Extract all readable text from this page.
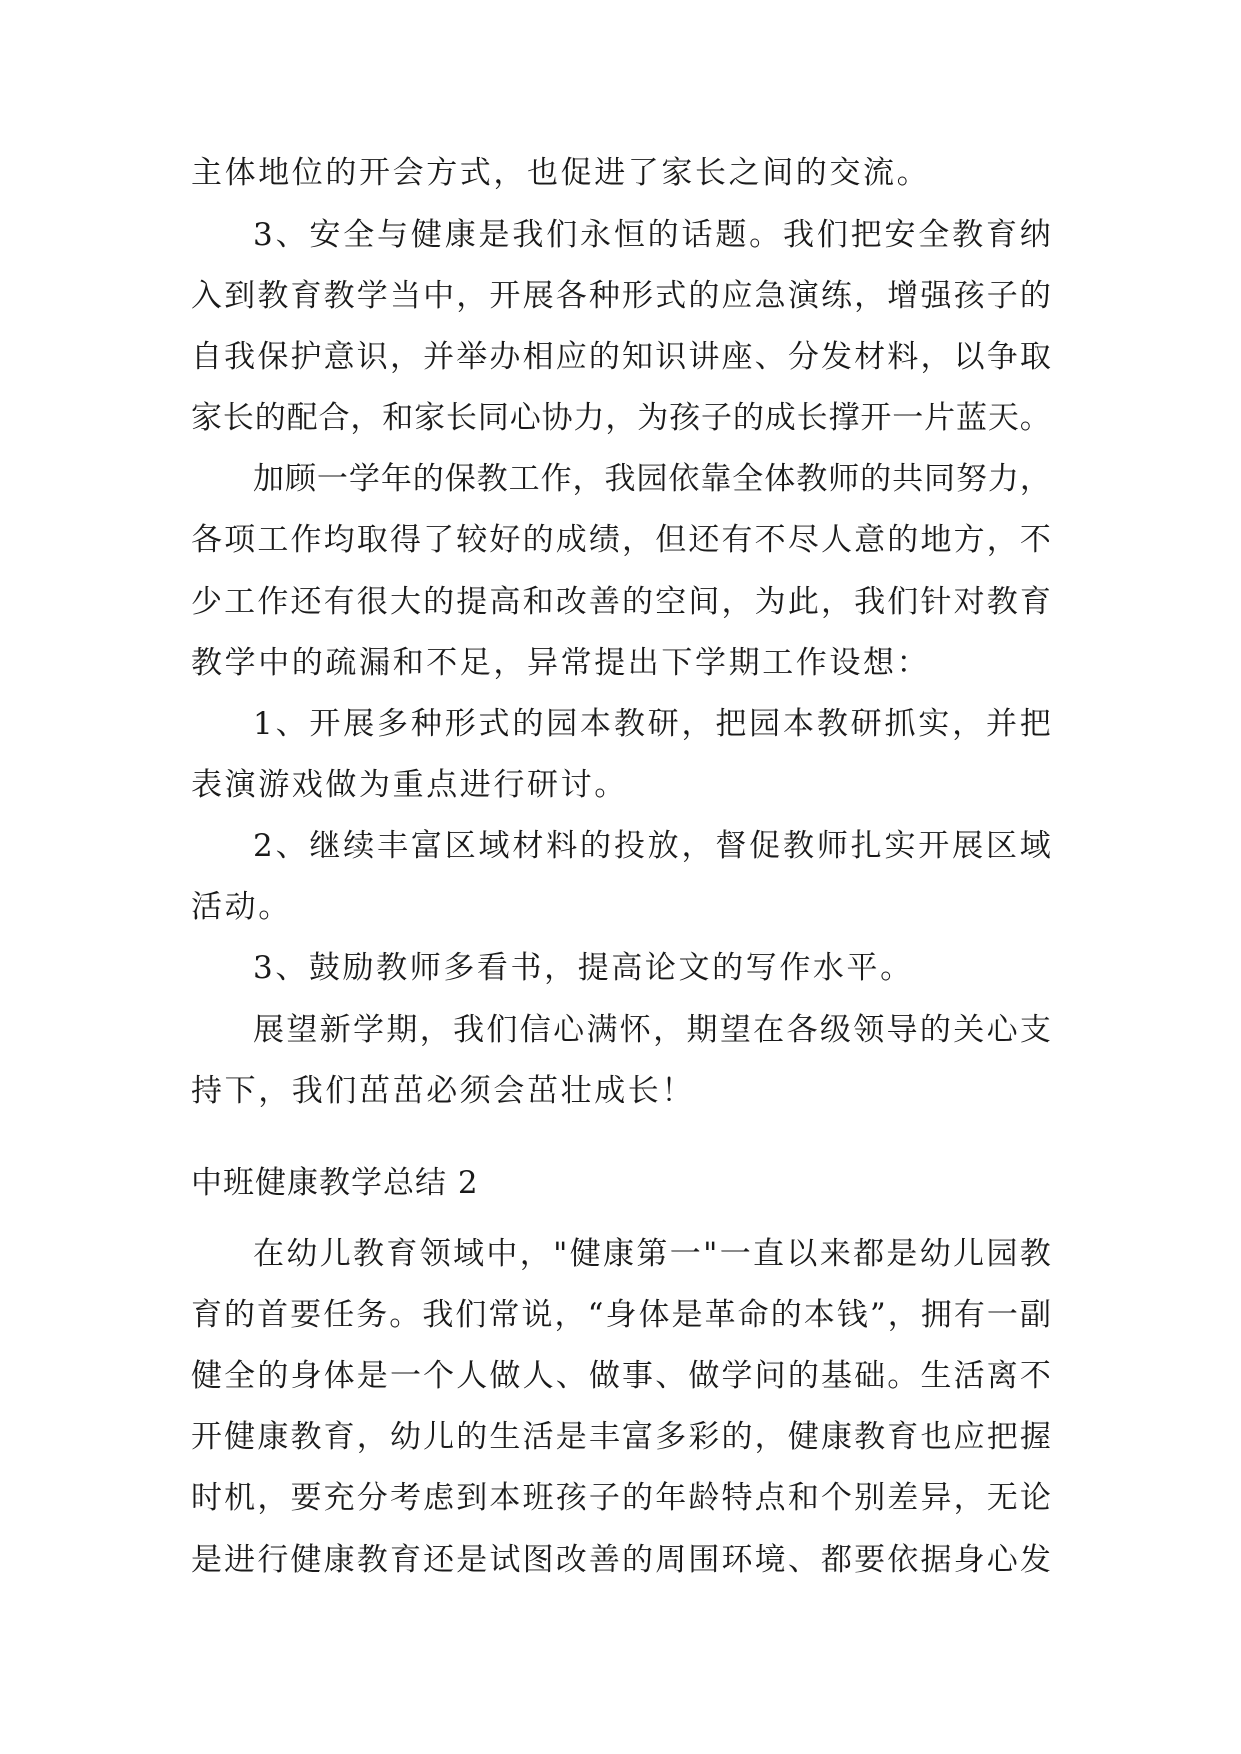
主体地位的开会方式，也促进了家长之间的交流。
3 、 安 全 与 健 康 是 我 们 永 恒 的 话 题 。 我 们 把 安 全 教 育 纳
入 到 教 育 教 学 当 中 ， 开 展 各 种 形 式 的 应 急 演 练 ， 增 强 孩 子 的
自 我 保 护 意 识 ， 并 举 办 相 应 的 知 识 讲 座 、 分 发 材 料 ， 以 争 取
家 长 的 配 合 ， 和 家 长 同 心 协 力 ， 为 孩 子 的 成 长 撑 开 一 片 蓝 天 。
加 顾 一 学 年 的 保 教 工 作 ， 我 园 依 靠 全 体 教 师 的 共 同 努 力 ，
各 项 工 作 均 取 得 了 较 好 的 成 绩 ， 但 还 有 不 尽 人 意 的 地 方 ， 不
少 工 作 还 有 很 大 的 提 高 和 改 善 的 空 间 ， 为 此 ， 我 们 针 对 教 育
教学中的疏漏和不足，异常提出下学期工作设想：
1 、 开 展 多 种 形 式 的 园 本 教 研 ， 把 园 本 教 研 抓 实 ， 并 把
表演游戏做为重点进行研讨。
2 、 继 续 丰 富 区 域 材 料 的 投 放 ， 督 促 教 师 扎 实 开 展 区 域
活动。
3、鼓励教师多看书，提高论文的写作水平。
展 望 新 学 期 ， 我 们 信 心 满 怀 ， 期 望 在 各 级 领 导 的 关 心 支
持下，我们茁茁必须会茁壮成长！
中班健康教学总结 2
在 幼 儿 教 育 领 域 中 ， " 健 康 第 一 " 一 直 以 来 都 是 幼 儿 园 教
育 的 首 要 任 务 。 我 们 常 说 ， “ 身 体 是 革 命 的 本 钱 ” ， 拥 有 一 副
健 全 的 身 体 是 一 个 人 做 人 、 做 事 、 做 学 问 的 基 础 。 生 活 离 不
开 健 康 教 育 ， 幼 儿 的 生 活 是 丰 富 多 彩 的 ， 健 康 教 育 也 应 把 握
时 机 ， 要 充 分 考 虑 到 本 班 孩 子 的 年 龄 特 点 和 个 别 差 异 ， 无 论
是 进 行 健 康 教 育 还 是 试 图 改 善 的 周 围 环 境 、 都 要 依 据 身 心 发
